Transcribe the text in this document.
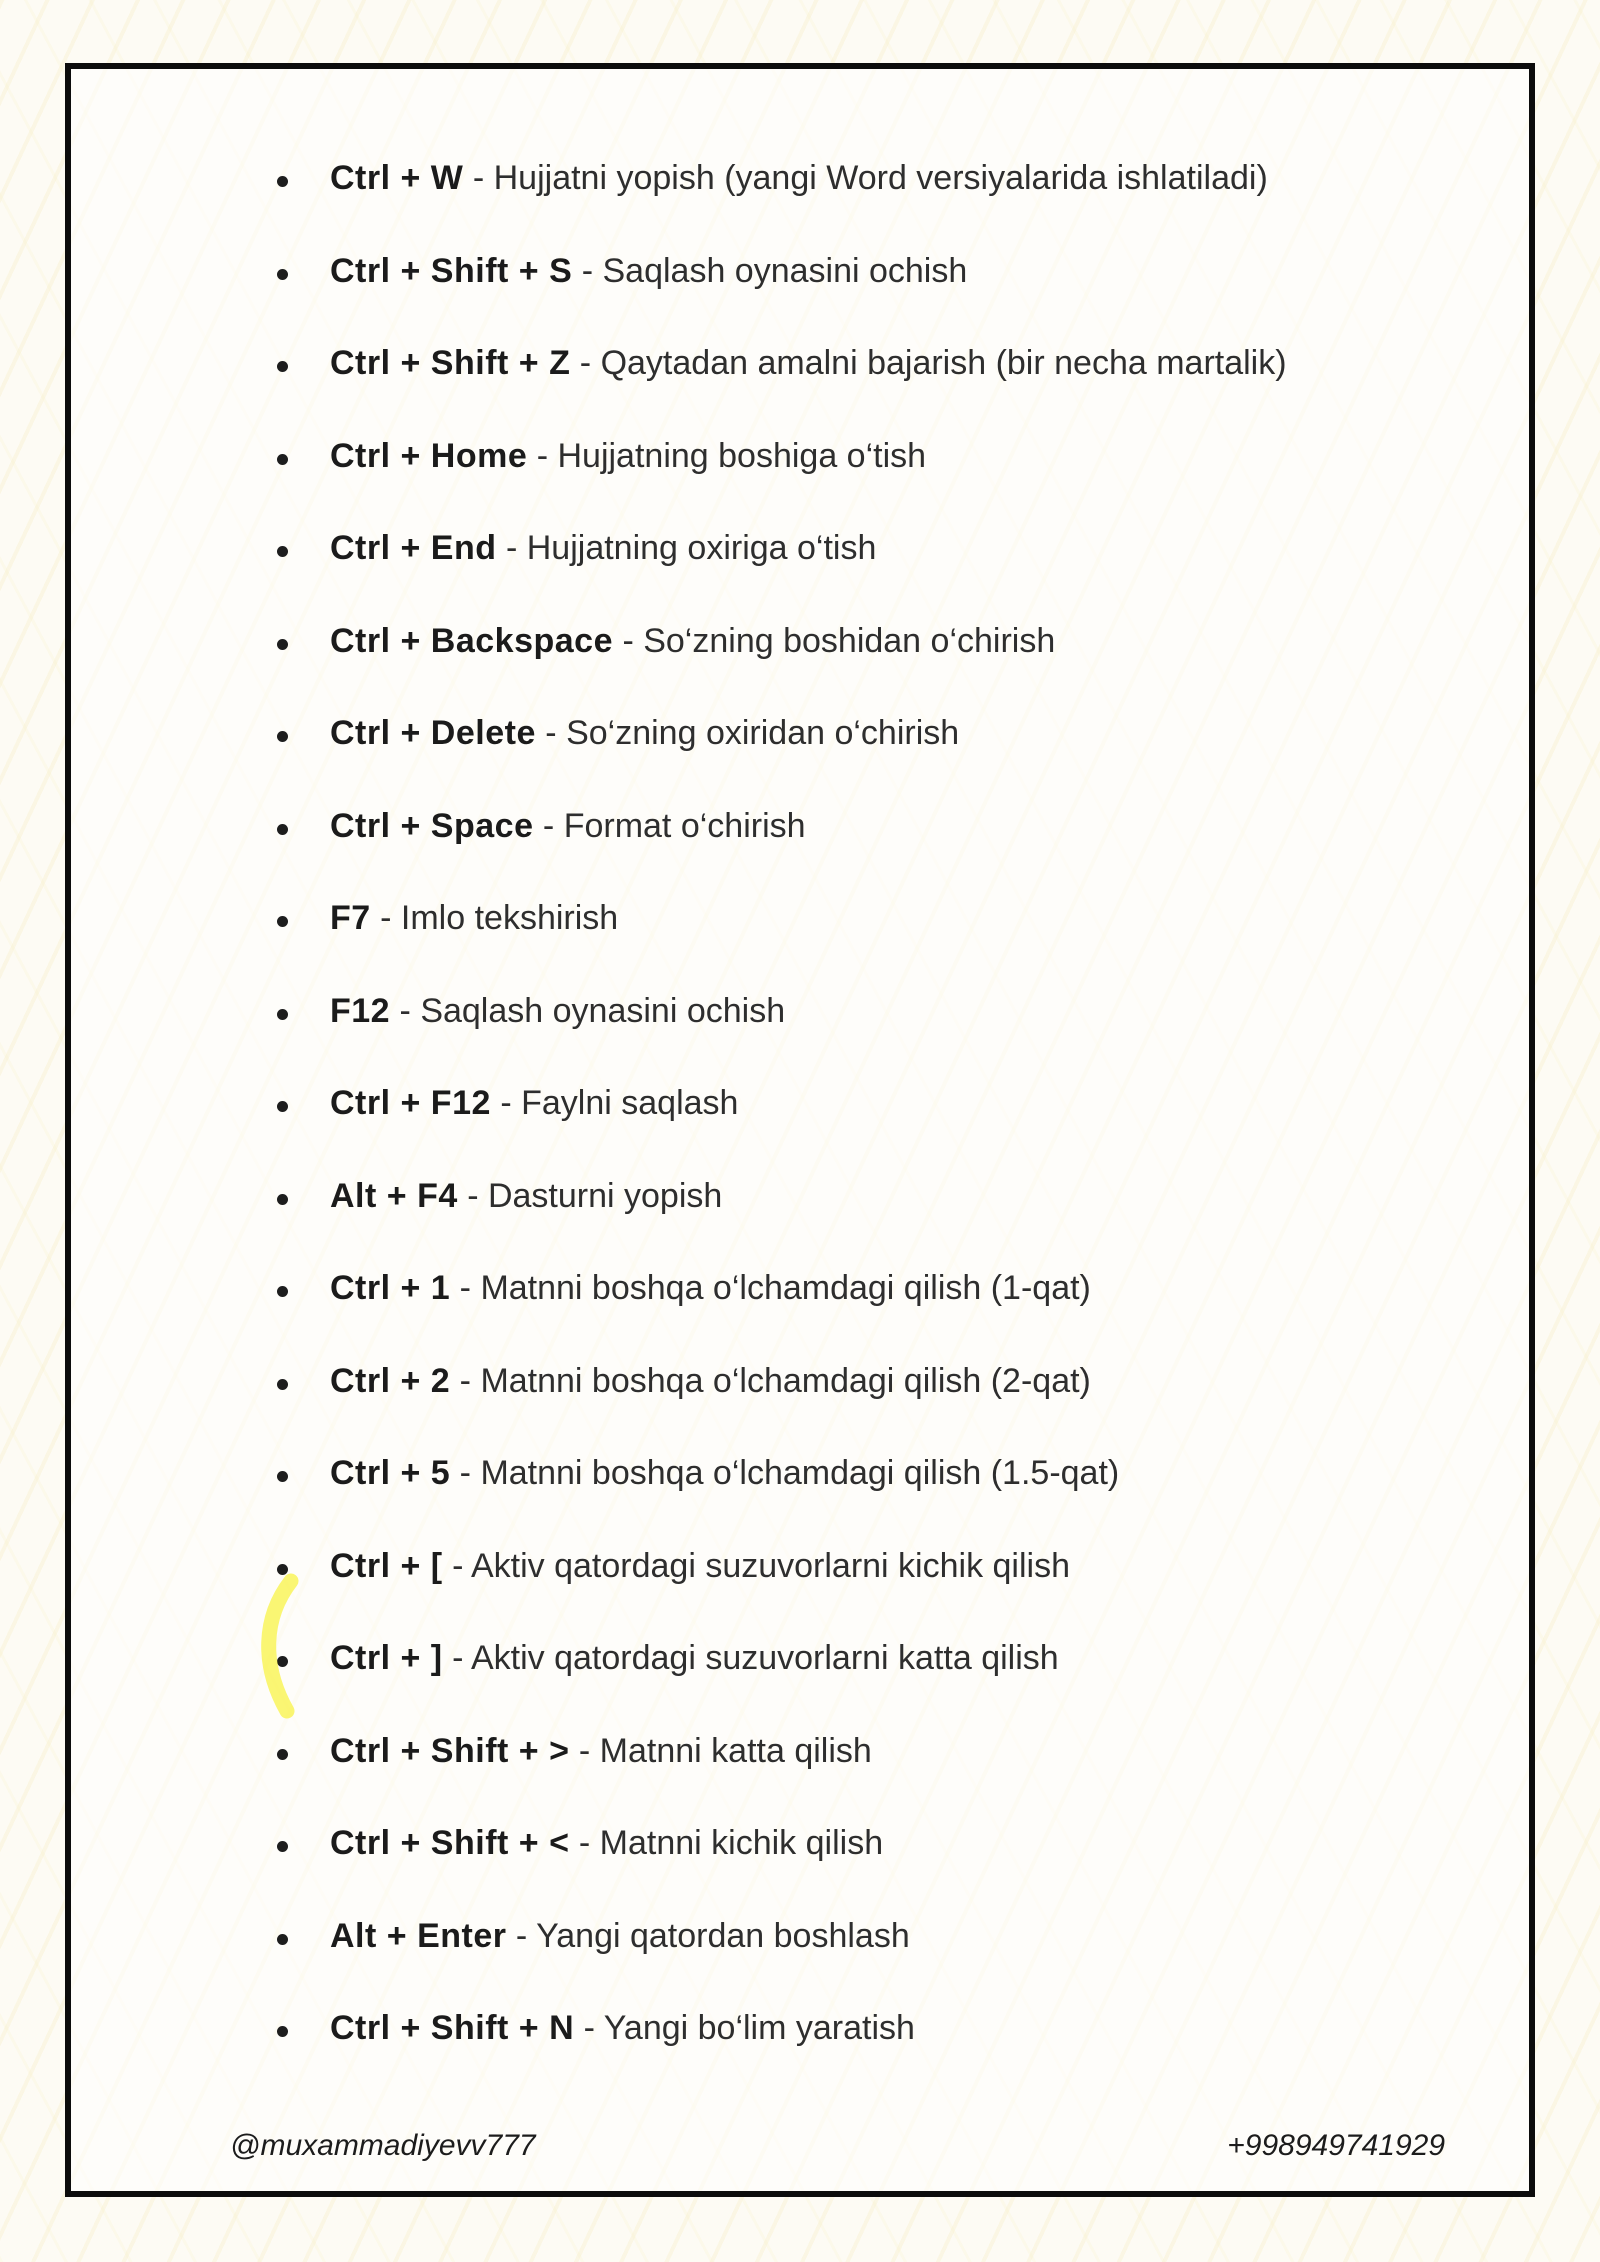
Ctrl + W - Hujjatni yopish (yangi Word versiyalarida ishlatiladi)
Ctrl + Shift + S - Saqlash oynasini ochish
Ctrl + Shift + Z - Qaytadan amalni bajarish (bir necha martalik)
Ctrl + Home - Hujjatning boshiga o‘tish
Ctrl + End - Hujjatning oxiriga o‘tish
Ctrl + Backspace - So‘zning boshidan o‘chirish
Ctrl + Delete - So‘zning oxiridan o‘chirish
Ctrl + Space - Format o‘chirish
F7 - Imlo tekshirish
F12 - Saqlash oynasini ochish
Ctrl + F12 - Faylni saqlash
Alt + F4 - Dasturni yopish
Ctrl + 1 - Matnni boshqa o‘lchamdagi qilish (1-qat)
Ctrl + 2 - Matnni boshqa o‘lchamdagi qilish (2-qat)
Ctrl + 5 - Matnni boshqa o‘lchamdagi qilish (1.5-qat)
Ctrl + [ - Aktiv qatordagi suzuvorlarni kichik qilish
Ctrl + ] - Aktiv qatordagi suzuvorlarni katta qilish
Ctrl + Shift + > - Matnni katta qilish
Ctrl + Shift + < - Matnni kichik qilish
Alt + Enter - Yangi qatordan boshlash
Ctrl + Shift + N - Yangi bo‘lim yaratish
@muxammadiyevv777	+998949741929
